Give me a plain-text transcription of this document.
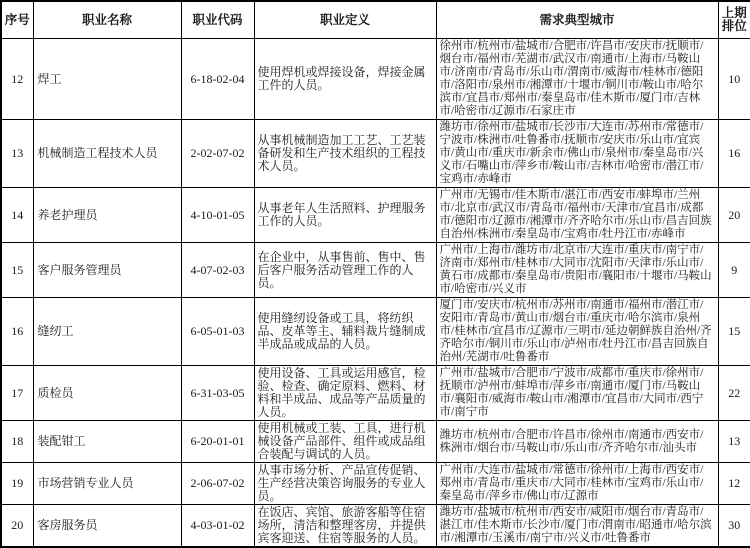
序号	职业名称	职业代码	职业定义	需求典型城市	上期排位
12	焊工	6-18-02-04	使用焊机或焊接设备，焊接金属工件的人员。	徐州市/杭州市/盐城市/合肥市/许昌市/安庆市/抚顺市/烟台市/福州市/芜湖市/武汉市/南通市/上海市/马鞍山市/济南市/青岛市/乐山市/渭南市/威海市/桂林市/德阳市/洛阳市/泉州市/湘潭市/十堰市/铜川市/鞍山市/哈尔滨市/宜昌市/郑州市/秦皇岛市/佳木斯市/厦门市/吉林市/哈密市/辽源市/石家庄市	10
13	机械制造工程技术人员	2-02-07-02	从事机械制造加工工艺、工艺装备研发和生产技术组织的工程技术人员。	潍坊市/徐州市/盐城市/长沙市/大连市/苏州市/常德市/宁波市/株洲市/吐鲁番市/抚顺市/安庆市/乐山市/宜宾市/黄山市/重庆市/新余市/佛山市/泉州市/秦皇岛市/兴义市/石嘴山市/萍乡市/鞍山市/吉林市/哈密市/潜江市/宝鸡市/赤峰市	16
14	养老护理员	4-10-01-05	从事老年人生活照料、护理服务工作的人员。	广州市/无锡市/佳木斯市/湛江市/西安市/蚌埠市/兰州市/北京市/武汉市/青岛市/福州市/天津市/宜昌市/成都市/德阳市/辽源市/湘潭市/齐齐哈尔市/乐山市/昌吉回族自治州/株洲市/秦皇岛市/宝鸡市/牡丹江市/赤峰市	20
15	客户服务管理员	4-07-02-03	在企业中，从事售前、售中、售后客户服务活动管理工作的人员。	广州市/上海市/潍坊市/北京市/大连市/重庆市/南宁市/济南市/郑州市/桂林市/大同市/沈阳市/天津市/乐山市/黄石市/成都市/秦皇岛市/贵阳市/襄阳市/十堰市/马鞍山市/哈密市/兴义市	9
16	缝纫工	6-05-01-03	使用缝纫设备或工具，将纺织品、皮革等主、辅料裁片缝制成半成品或成品的人员。	厦门市/安庆市/杭州市/苏州市/南通市/福州市/潜江市/安阳市/青岛市/黄山市/烟台市/重庆市/哈尔滨市/泉州市/桂林市/宜昌市/辽源市/三明市/延边朝鲜族自治州/齐齐哈尔市/铜川市/乐山市/泸州市/牡丹江市/昌吉回族自治州/芜湖市/吐鲁番市	15
17	质检员	6-31-03-05	使用设备、工具或运用感官，检验、检查、确定原料、燃料、材料和半成品、成品等产品质量的人员。	广州市/盐城市/合肥市/宁波市/成都市/重庆市/徐州市/抚顺市/泸州市/蚌埠市/萍乡市/南通市/厦门市/马鞍山市/襄阳市/威海市/鞍山市/湘潭市/宜昌市/大同市/西宁市/南宁市	22
18	装配钳工	6-20-01-01	使用机械或工装、工具，进行机械设备产品部件、组件或成品组合装配与调试的人员。	潍坊市/杭州市/合肥市/许昌市/徐州市/南通市/西安市/株洲市/烟台市/马鞍山市/乐山市/齐齐哈尔市/汕头市	13
19	市场营销专业人员	2-06-07-02	从事市场分析、产品宣传促销、生产经营决策咨询服务的专业人员。	广州市/大连市/盐城市/常德市/徐州市/上海市/西安市/郑州市/青岛市/重庆市/大同市/桂林市/宝鸡市/乐山市/秦皇岛市/萍乡市/佛山市/辽源市	12
20	客房服务员	4-03-01-02	在饭店、宾馆、旅游客船等住宿场所，清洁和整理客房，并提供宾客迎送、住宿等服务的人员。	潍坊市/盐城市/杭州市/西安市/咸阳市/烟台市/青岛市/湛江市/佳木斯市/长沙市/厦门市/渭南市/昭通市/哈尔滨市/湘潭市/玉溪市/南宁市/兴义市/吐鲁番市	30
